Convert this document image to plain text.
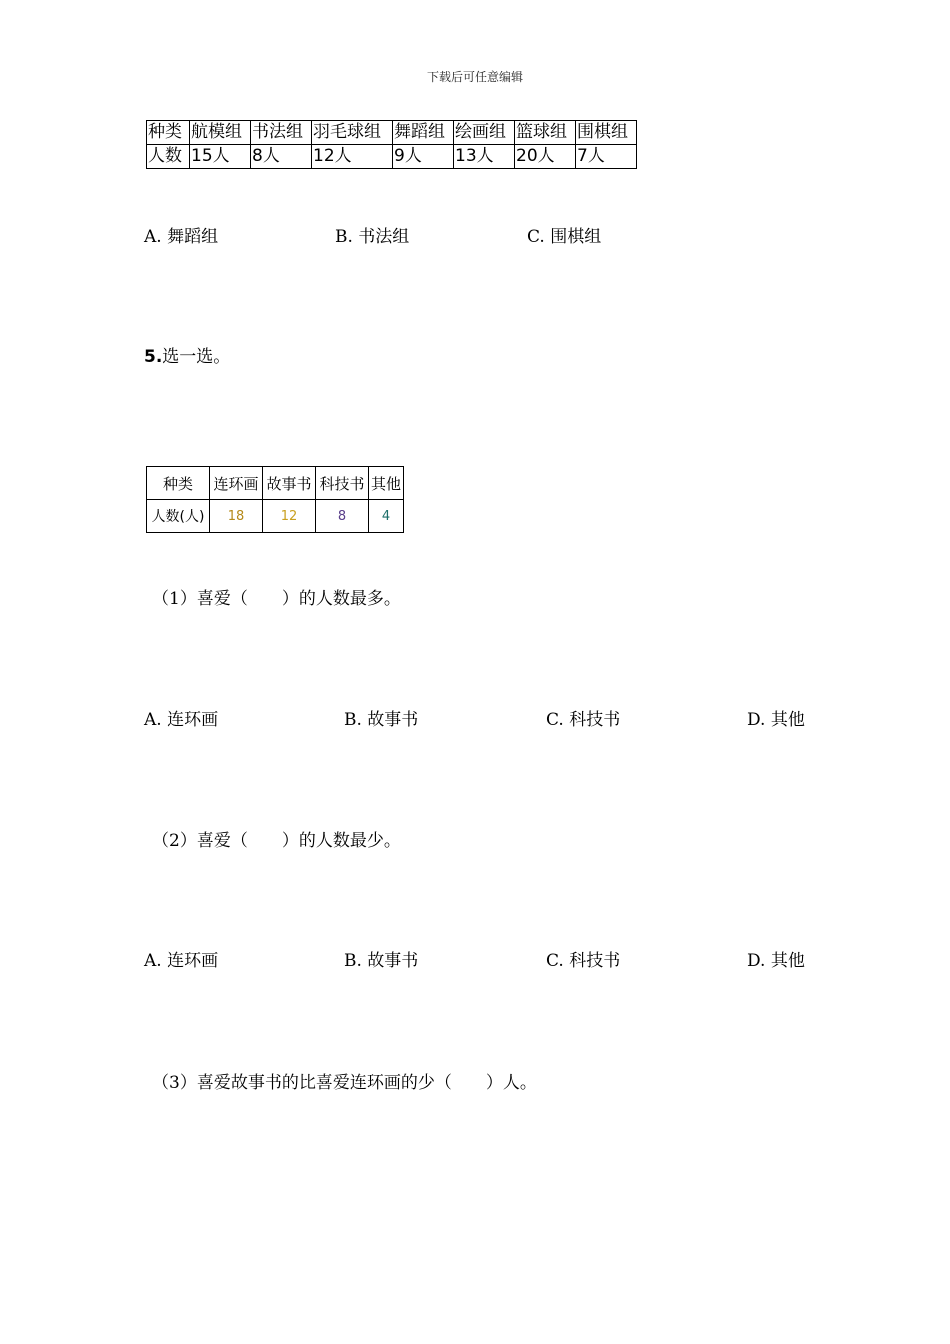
下载后可任意编辑
种类	航模组	书法组	羽毛球组	舞蹈组	绘画组	篮球组	围棋组
人数	15人	8人	12人	9人	13人	20人	7人
A. 舞蹈组	B. 书法组	C. 围棋组
5.选一选。
种类	连环画	故事书	科技书	其他
人数(人)	18	12	8	4
（1）喜爱（　　）的人数最多。
A. 连环画	B. 故事书	C. 科技书	D. 其他
（2）喜爱（　　）的人数最少。
A. 连环画	B. 故事书	C. 科技书	D. 其他
（3）喜爱故事书的比喜爱连环画的少（　　）人。
